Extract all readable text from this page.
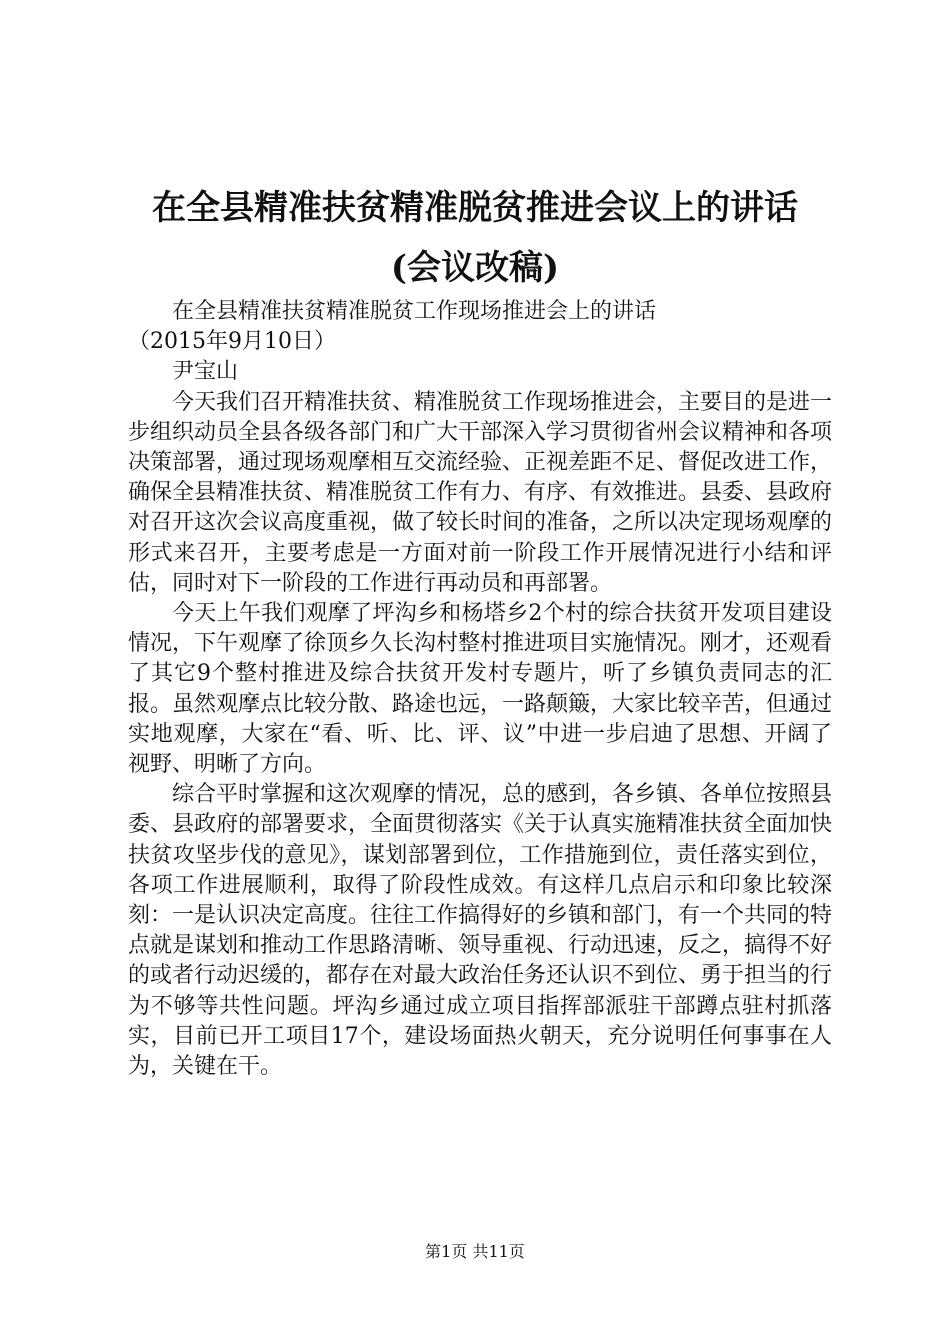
在全县精准扶贫精准脱贫推进会议上的讲话
(会议改稿)

在全县精准扶贫精准脱贫工作现场推进会上的讲话

（2015年9月10日）

尹宝山

今天我们召开精准扶贫、精准脱贫工作现场推进会，主要目的是进一步组织动员全县各级各部门和广大干部深入学习贯彻省州会议精神和各项决策部署，通过现场观摩相互交流经验、正视差距不足、督促改进工作，确保全县精准扶贫、精准脱贫工作有力、有序、有效推进。县委、县政府对召开这次会议高度重视，做了较长时间的准备，之所以决定现场观摩的形式来召开，主要考虑是一方面对前一阶段工作开展情况进行小结和评估，同时对下一阶段的工作进行再动员和再部署。

今天上午我们观摩了坪沟乡和杨塔乡2个村的综合扶贫开发项目建设情况，下午观摩了徐顶乡久长沟村整村推进项目实施情况。刚才，还观看了其它9个整村推进及综合扶贫开发村专题片，听了乡镇负责同志的汇报。虽然观摩点比较分散、路途也远，一路颠簸，大家比较辛苦，但通过实地观摩，大家在“看、听、比、评、议”中进一步启迪了思想、开阔了视野、明晰了方向。

综合平时掌握和这次观摩的情况，总的感到，各乡镇、各单位按照县委、县政府的部署要求，全面贯彻落实《关于认真实施精准扶贫全面加快扶贫攻坚步伐的意见》，谋划部署到位，工作措施到位，责任落实到位，各项工作进展顺利，取得了阶段性成效。有这样几点启示和印象比较深刻：一是认识决定高度。往往工作搞得好的乡镇和部门，有一个共同的特点就是谋划和推动工作思路清晰、领导重视、行动迅速，反之，搞得不好的或者行动迟缓的，都存在对最大政治任务还认识不到位、勇于担当的行为不够等共性问题。坪沟乡通过成立项目指挥部派驻干部蹲点驻村抓落实，目前已开工项目17个，建设场面热火朝天，充分说明任何事事在人为，关键在干。

第1页 共11页
